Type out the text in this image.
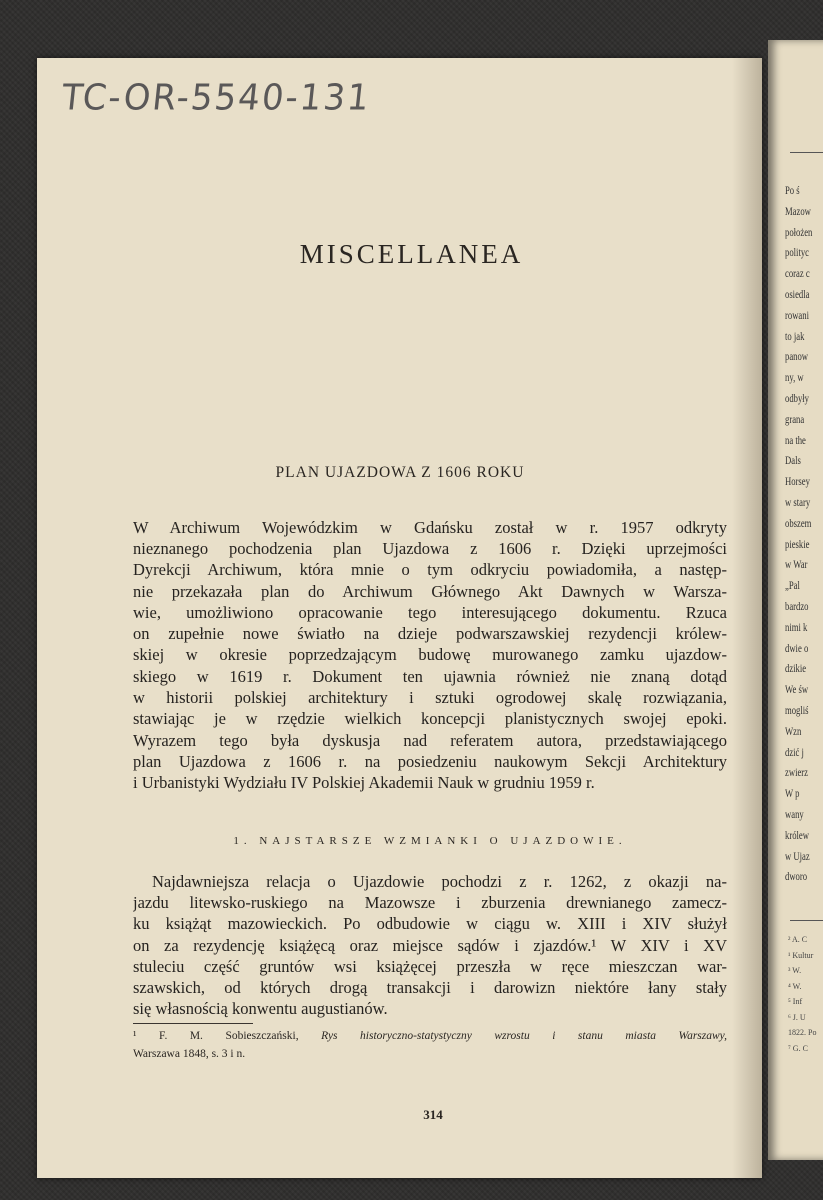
Po ś
Mazow
położen
polityc
coraz c
osiedla
rowani
to jak
panow
ny, w
odbyły
grana
na the
Dals
Horsey
w stary
obszem
pieskie
w War
„Pal
bardzo
nimi k
dwie o
dzikie
We św
mogliś
Wzn
dzić j
zwierz
W p
wany
królew
w Ujaz
dworo
² A. C
¹ Kultur
³ W.
⁴ W.
⁵ Inf
⁶ J. U
1822. Po
⁷ G. C
TC-OR-5540-131
MISCELLANEA
PLAN UJAZDOWA Z 1606 ROKU
W Archiwum Wojewódzkim w Gdańsku został w r. 1957 odkryty
nieznanego pochodzenia plan Ujazdowa z 1606 r. Dzięki uprzejmości
Dyrekcji Archiwum, która mnie o tym odkryciu powiadomiła, a następ-
nie przekazała plan do Archiwum Głównego Akt Dawnych w Warsza-
wie, umożliwiono opracowanie tego interesującego dokumentu. Rzuca
on zupełnie nowe światło na dzieje podwarszawskiej rezydencji królew-
skiej w okresie poprzedzającym budowę murowanego zamku ujazdow-
skiego w 1619 r. Dokument ten ujawnia również nie znaną dotąd
w historii polskiej architektury i sztuki ogrodowej skalę rozwiązania,
stawiając je w rzędzie wielkich koncepcji planistycznych swojej epoki.
Wyrazem tego była dyskusja nad referatem autora, przedstawiającego
plan Ujazdowa z 1606 r. na posiedzeniu naukowym Sekcji Architektury
i Urbanistyki Wydziału IV Polskiej Akademii Nauk w grudniu 1959 r.
1. NAJSTARSZE WZMIANKI O UJAZDOWIE.
Najdawniejsza relacja o Ujazdowie pochodzi z r. 1262, z okazji na-
jazdu litewsko-ruskiego na Mazowsze i zburzenia drewnianego zamecz-
ku książąt mazowieckich. Po odbudowie w ciągu w. XIII i XIV służył
on za rezydencję książęcą oraz miejsce sądów i zjazdów.¹ W XIV i XV
stuleciu część gruntów wsi książęcej przeszła w ręce mieszczan war-
szawskich, od których drogą transakcji i darowizn niektóre łany stały
się własnością konwentu augustianów.
¹ F. M. Sobieszczański, Rys historyczno-statystyczny wzrostu i stanu miasta Warszawy,
Warszawa 1848, s. 3 i n.
314
